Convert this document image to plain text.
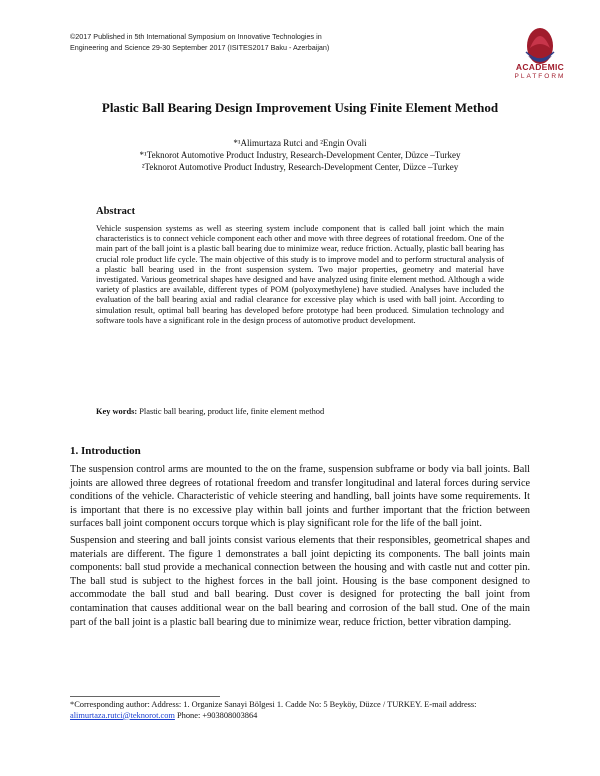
©2017 Published in 5th International Symposium on Innovative Technologies in
Engineering and Science 29-30 September 2017 (ISITES2017 Baku - Azerbaijan)
ACADEMIC
PLATFORM
Plastic Ball Bearing Design Improvement Using Finite Element Method
*¹Alimurtaza Rutci and ²Engin Ovali
*¹Teknorot Automotive Product Industry, Research-Development Center, Düzce –Turkey
²Teknorot Automotive Product Industry, Research-Development Center, Düzce –Turkey
Abstract

Vehicle suspension systems as well as steering system include component that is called ball joint which the main characteristics is to connect vehicle component each other and move with three degrees of rotational freedom. One of the main part of the ball joint is a plastic ball bearing due to minimize wear, reduce friction. Actually, plastic ball bearing has crucial role product life cycle. The main objective of this study is to improve model and to perform structural analysis of a plastic ball bearing used in the front suspension system. Two major properties, geometry and material have investigated. Various geometrical shapes have designed and have analyzed using finite element method. Although a wide variety of plastics are available, different types of POM (polyoxymethylene) have studied. Analyses have included the evaluation of the ball bearing axial and radial clearance for excessive play which is used with ball joint. According to simulation result, optimal ball bearing has developed before prototype had been produced. Simulation technology and software tools have a significant role in the design process of automotive product development.

Key words: Plastic ball bearing, product life, finite element method
1. Introduction

The suspension control arms are mounted to the on the frame, suspension subframe or body via ball joints. Ball joints are allowed three degrees of rotational freedom and transfer longitudinal and lateral forces during service conditions of the vehicle. Characteristic of vehicle steering and handling, ball joints have some requirements. It is important that there is no excessive play within ball joints and further important that the friction between surfaces ball joint component occurs torque which is play significant role for the life of the ball joint.

Suspension and steering and ball joints consist various elements that their responsibles, geometrical shapes and materials are different. The figure 1 demonstrates a ball joint depicting its components. The ball joints main components: ball stud provide a mechanical connection between the housing and with castle nut and cotter pin. The ball stud is subject to the highest forces in the ball joint. Housing is the base component designed to accommodate the ball stud and ball bearing. Dust cover is designed for protecting the ball joint from contamination that causes additional wear on the ball bearing and corrosion of the ball stud. One of the main part of the ball joint is a plastic ball bearing due to minimize wear, reduce friction, better vibration damping.

*Corresponding author: Address: 1. Organize Sanayi Bölgesi 1. Cadde No: 5 Beyköy, Düzce / TURKEY. E-mail address: alimurtaza.rutci@teknorot.com Phone: +903808003864
